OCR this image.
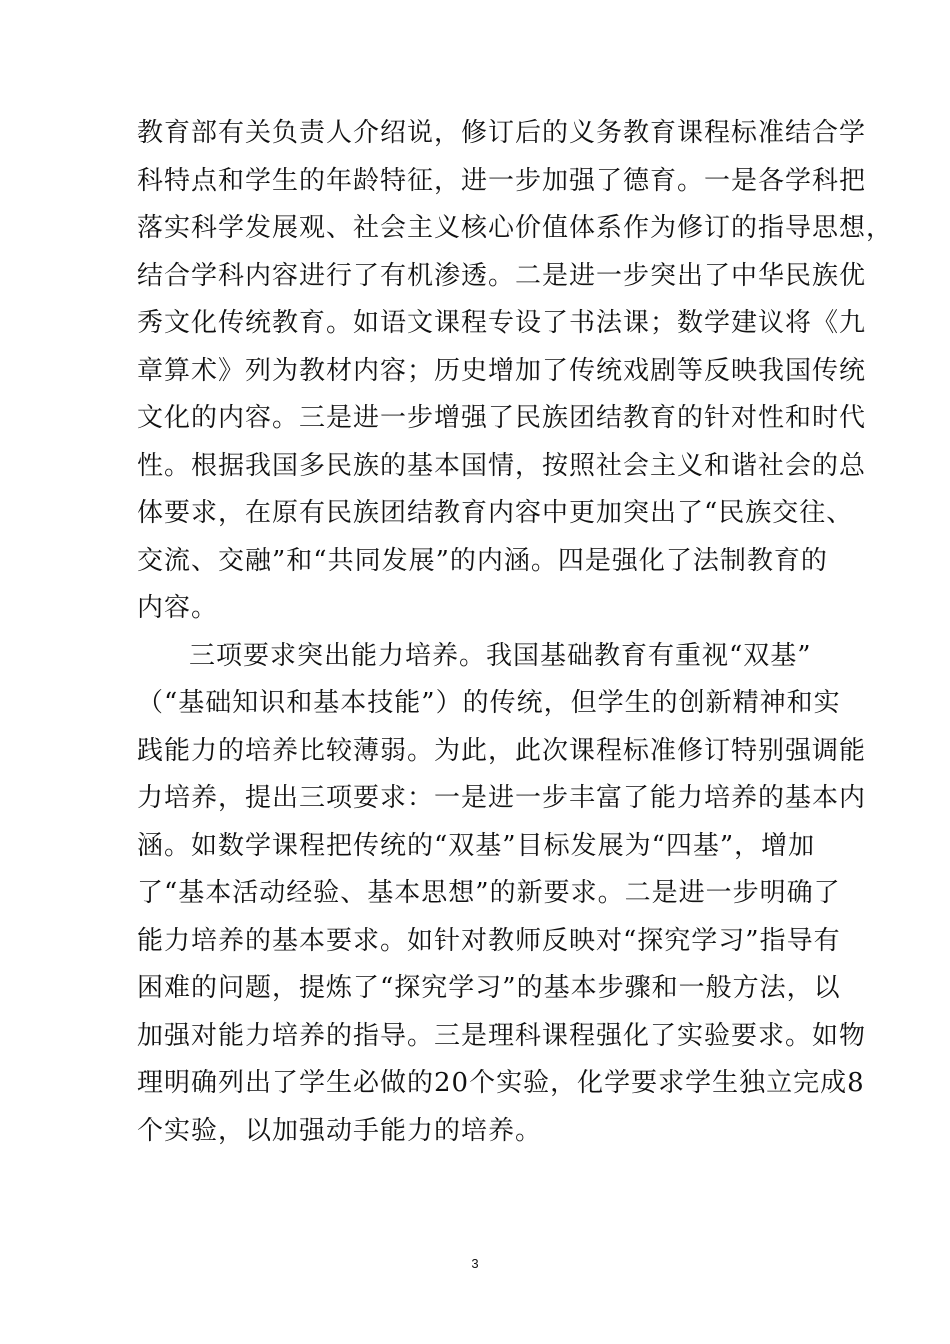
教育部有关负责人介绍说，修订后的义务教育课程标准结合学
科特点和学生的年龄特征，进一步加强了德育。一是各学科把
落实科学发展观、社会主义核心价值体系作为修订的指导思想，
结合学科内容进行了有机渗透。二是进一步突出了中华民族优
秀文化传统教育。如语文课程专设了书法课；数学建议将《九
章算术》列为教材内容；历史增加了传统戏剧等反映我国传统
文化的内容。三是进一步增强了民族团结教育的针对性和时代
性。根据我国多民族的基本国情，按照社会主义和谐社会的总
体要求，在原有民族团结教育内容中更加突出了“民族交往、
交流、交融”和“共同发展”的内涵。四是强化了法制教育的
内容。
三项要求突出能力培养。我国基础教育有重视“双基”
（“基础知识和基本技能”）的传统，但学生的创新精神和实
践能力的培养比较薄弱。为此，此次课程标准修订特别强调能
力培养，提出三项要求：一是进一步丰富了能力培养的基本内
涵。如数学课程把传统的“双基”目标发展为“四基”，增加
了“基本活动经验、基本思想”的新要求。二是进一步明确了
能力培养的基本要求。如针对教师反映对“探究学习”指导有
困难的问题，提炼了“探究学习”的基本步骤和一般方法，以
加强对能力培养的指导。三是理科课程强化了实验要求。如物
理明确列出了学生必做的20个实验，化学要求学生独立完成8
个实验，以加强动手能力的培养。
3
